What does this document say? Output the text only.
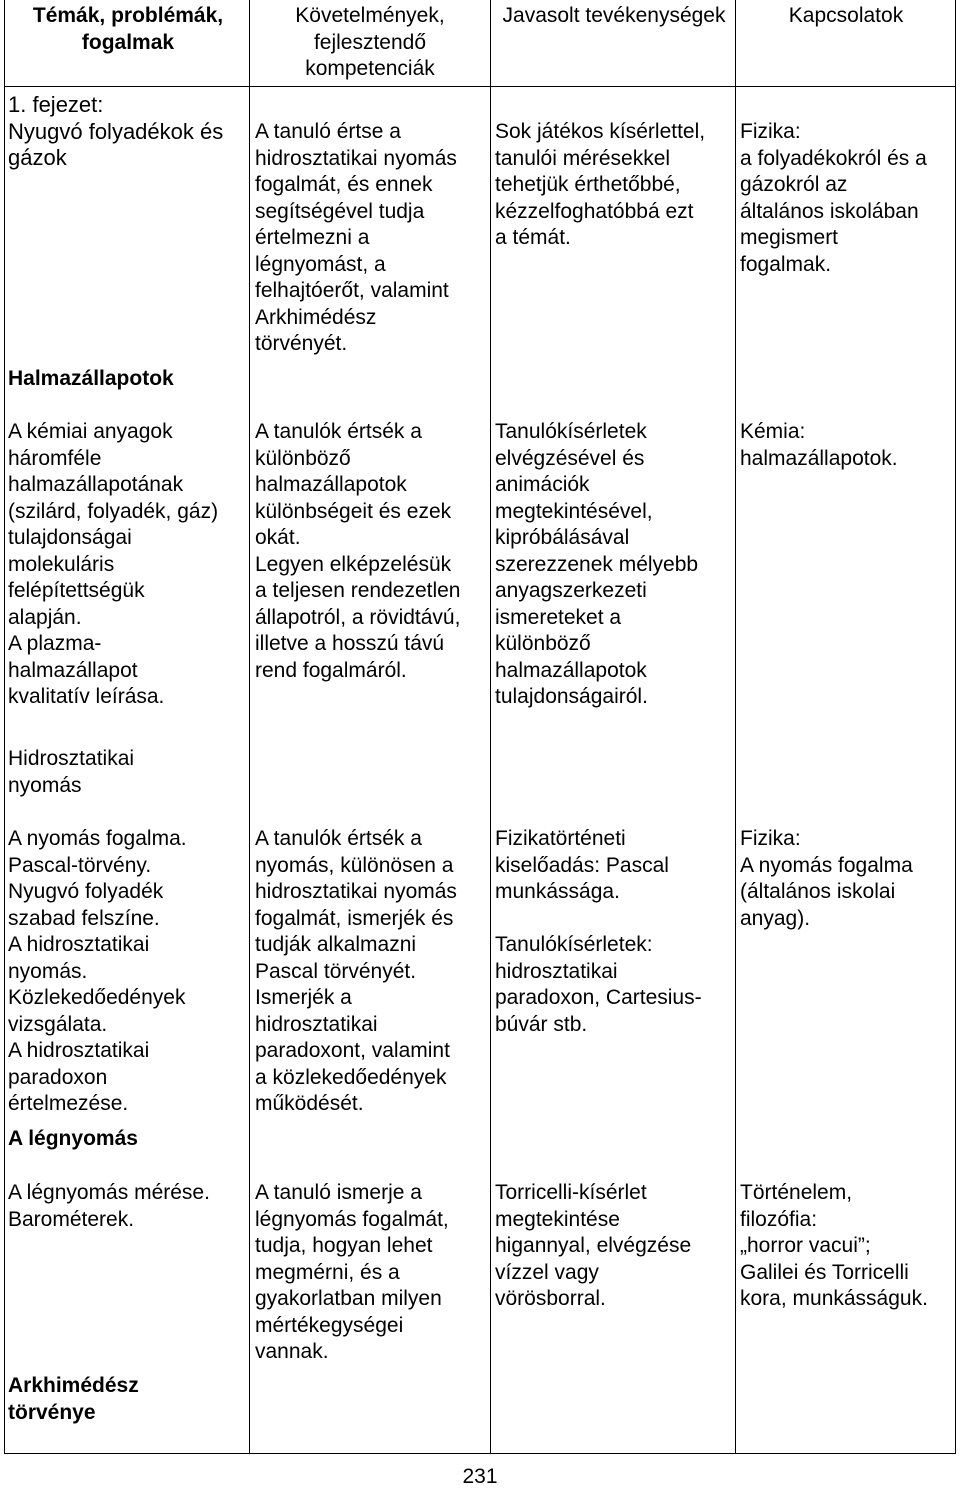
Témák, problémák, fogalmak
Követelmények, fejlesztendő kompetenciák
Javasolt tevékenységek	Kapcsolatok
1. fejezet:
Nyugvó folyadékok és gázok
A tanuló értse a
hidrosztatikai nyomás
fogalmát, és ennek
segítségével tudja
értelmezni a
légnyomást, a
felhajtóerőt, valamint
Arkhimédész
törvényét.
Sok játékos kísérlettel,
tanulói mérésekkel
tehetjük érthetőbbé,
kézzelfoghatóbbá ezt
a témát.
Fizika:
a folyadékokról és a
gázokról az
általános iskolában
megismert
fogalmak.
Halmazállapotok
A kémiai anyagok
háromféle
halmazállapotának
(szilárd, folyadék, gáz)
tulajdonságai
molekuláris
felépítettségük
alapján.
A plazma-
halmazállapot
kvalitatív leírása.
A tanulók értsék a
különböző
halmazállapotok
különbségeit és ezek
okát.
Legyen elképzelésük
a teljesen rendezetlen
állapotról, a rövidtávú,
illetve a hosszú távú
rend fogalmáról.
Tanulókísérletek
elvégzésével és
animációk
megtekintésével,
kipróbálásával
szerezzenek mélyebb
anyagszerkezeti
ismereteket a
különböző
halmazállapotok
tulajdonságairól.
Kémia:
halmazállapotok.
Hidrosztatikai
nyomás
A nyomás fogalma.
Pascal-törvény.
Nyugvó folyadék
szabad felszíne.
A hidrosztatikai
nyomás.
Közlekedőedények
vizsgálata.
A hidrosztatikai
paradoxon
értelmezése.
A tanulók értsék a
nyomás, különösen a
hidrosztatikai nyomás
fogalmát, ismerjék és
tudják alkalmazni
Pascal törvényét.
Ismerjék a
hidrosztatikai
paradoxont, valamint
a közlekedőedények
működését.
Fizikatörténeti
kiselőadás: Pascal
munkássága.
Tanulókísérletek:
hidrosztatikai
paradoxon, Cartesius-
búvár stb.
Fizika:
A nyomás fogalma
(általános iskolai
anyag).
A légnyomás
A légnyomás mérése.
Barométerek.
A tanuló ismerje a
légnyomás fogalmát,
tudja, hogyan lehet
megmérni, és a
gyakorlatban milyen
mértékegységei
vannak.
Torricelli-kísérlet
megtekintése
higannyal, elvégzése
vízzel vagy
vörösborral.
Történelem,
filozófia:
„horror vacui”;
Galilei és Torricelli
kora, munkásságuk.
Arkhimédész
törvénye
231
